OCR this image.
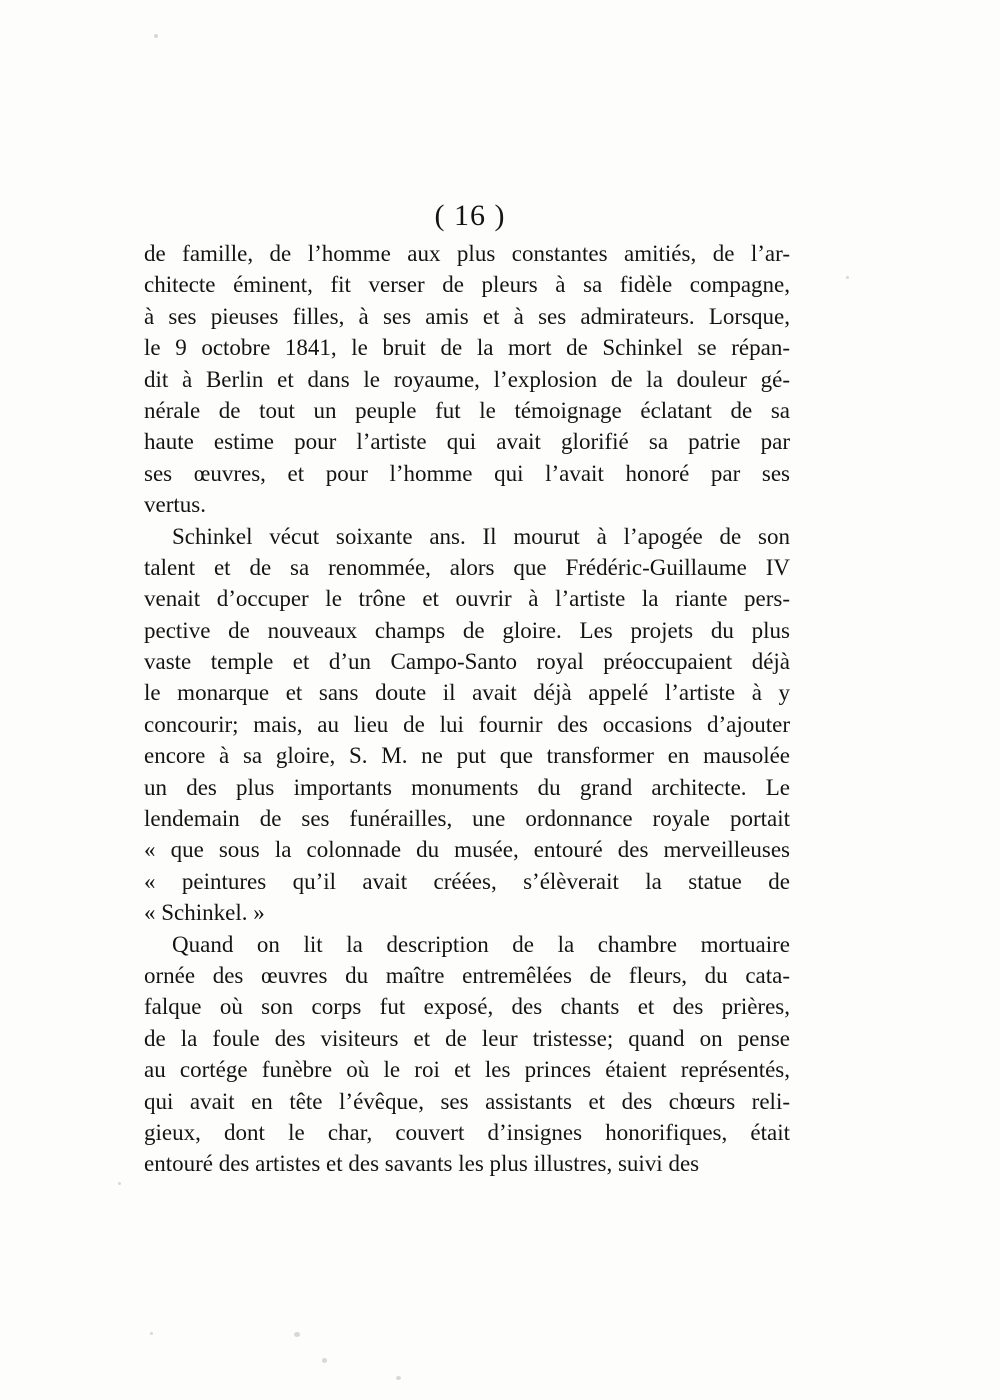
( 16 )
de famille, de l’homme aux plus constantes amitiés, de l’ar-
chitecte éminent, fit verser de pleurs à sa fidèle compagne,
à ses pieuses filles, à ses amis et à ses admirateurs. Lorsque,
le 9 octobre 1841, le bruit de la mort de Schinkel se répan-
dit à Berlin et dans le royaume, l’explosion de la douleur gé-
nérale de tout un peuple fut le témoignage éclatant de sa
haute estime pour l’artiste qui avait glorifié sa patrie par
ses œuvres, et pour l’homme qui l’avait honoré par ses
vertus.
Schinkel vécut soixante ans. Il mourut à l’apogée de son
talent et de sa renommée, alors que Frédéric-Guillaume IV
venait d’occuper le trône et ouvrir à l’artiste la riante pers-
pective de nouveaux champs de gloire. Les projets du plus
vaste temple et d’un Campo-Santo royal préoccupaient déjà
le monarque et sans doute il avait déjà appelé l’artiste à y
concourir; mais, au lieu de lui fournir des occasions d’ajouter
encore à sa gloire, S. M. ne put que transformer en mausolée
un des plus importants monuments du grand architecte. Le
lendemain de ses funérailles, une ordonnance royale portait
« que sous la colonnade du musée, entouré des merveilleuses
« peintures qu’il avait créées, s’élèverait la statue de
« Schinkel. »
Quand on lit la description de la chambre mortuaire
ornée des œuvres du maître entremêlées de fleurs, du cata-
falque où son corps fut exposé, des chants et des prières,
de la foule des visiteurs et de leur tristesse; quand on pense
au cortége funèbre où le roi et les princes étaient représentés,
qui avait en tête l’évêque, ses assistants et des chœurs reli-
gieux, dont le char, couvert d’insignes honorifiques, était
entouré des artistes et des savants les plus illustres, suivi des
